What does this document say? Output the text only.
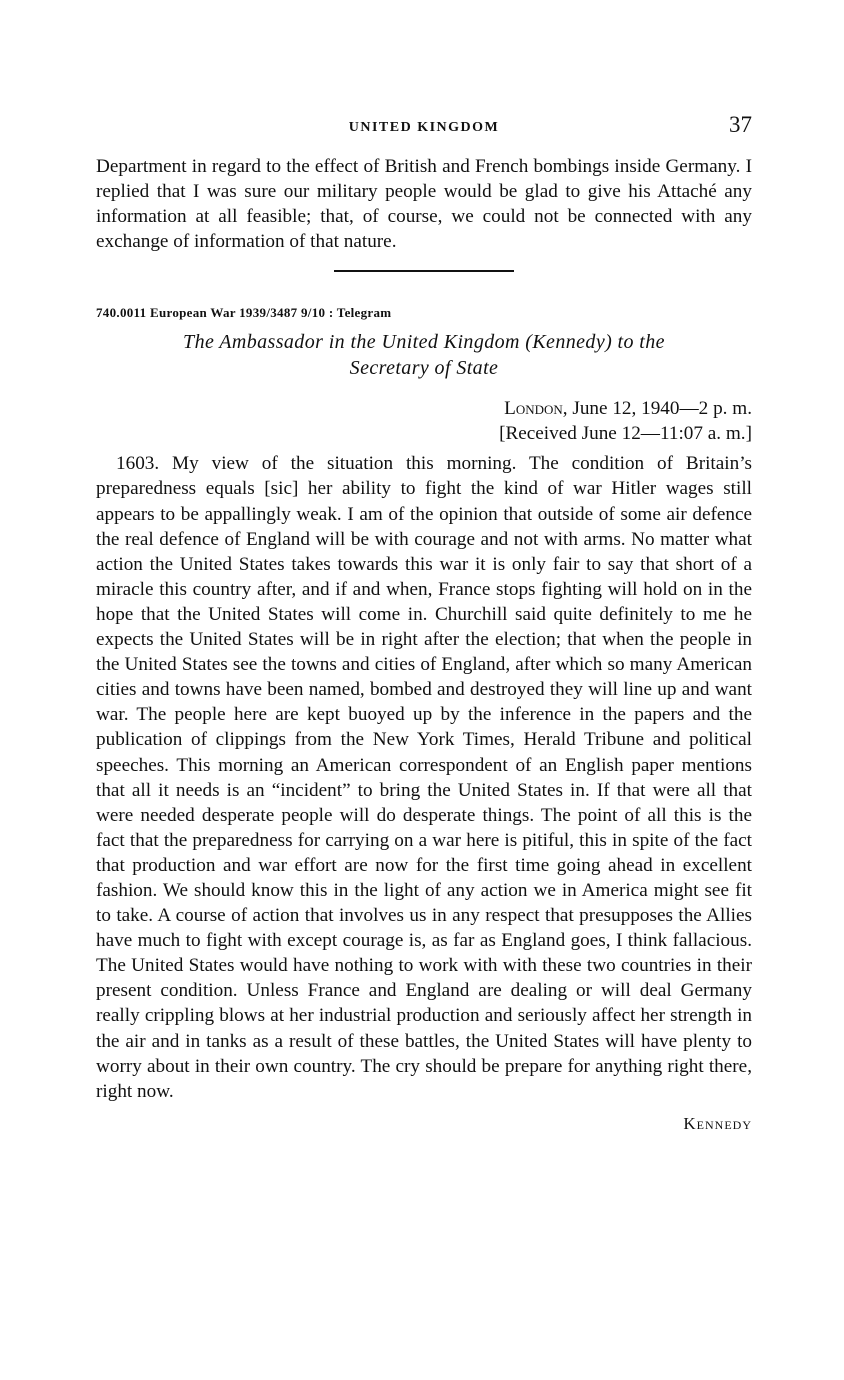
UNITED KINGDOM	37

Department in regard to the effect of British and French bombings inside Germany. I replied that I was sure our military people would be glad to give his Attaché any information at all feasible; that, of course, we could not be connected with any exchange of information of that nature.

740.0011 European War 1939/3487 9/10 : Telegram
The Ambassador in the United Kingdom (Kennedy) to the
Secretary of State
London, June 12, 1940—2 p. m.
[Received June 12—11:07 a. m.]

1603. My view of the situation this morning. The condition of Britain’s preparedness equals [sic] her ability to fight the kind of war Hitler wages still appears to be appallingly weak. I am of the opinion that outside of some air defence the real defence of England will be with courage and not with arms. No matter what action the United States takes towards this war it is only fair to say that short of a miracle this country after, and if and when, France stops fighting will hold on in the hope that the United States will come in. Churchill said quite definitely to me he expects the United States will be in right after the election; that when the people in the United States see the towns and cities of England, after which so many American cities and towns have been named, bombed and destroyed they will line up and want war. The people here are kept buoyed up by the inference in the papers and the publication of clippings from the New York Times, Herald Tribune and political speeches. This morning an American correspondent of an English paper mentions that all it needs is an “incident” to bring the United States in. If that were all that were needed desperate people will do desperate things. The point of all this is the fact that the preparedness for carrying on a war here is pitiful, this in spite of the fact that production and war effort are now for the first time going ahead in excellent fashion. We should know this in the light of any action we in America might see fit to take. A course of action that involves us in any respect that presupposes the Allies have much to fight with except courage is, as far as England goes, I think fallacious. The United States would have nothing to work with with these two countries in their present condition. Unless France and England are dealing or will deal Germany really crippling blows at her industrial production and seriously affect her strength in the air and in tanks as a result of these battles, the United States will have plenty to worry about in their own country. The cry should be prepare for anything right there, right now.

Kennedy
